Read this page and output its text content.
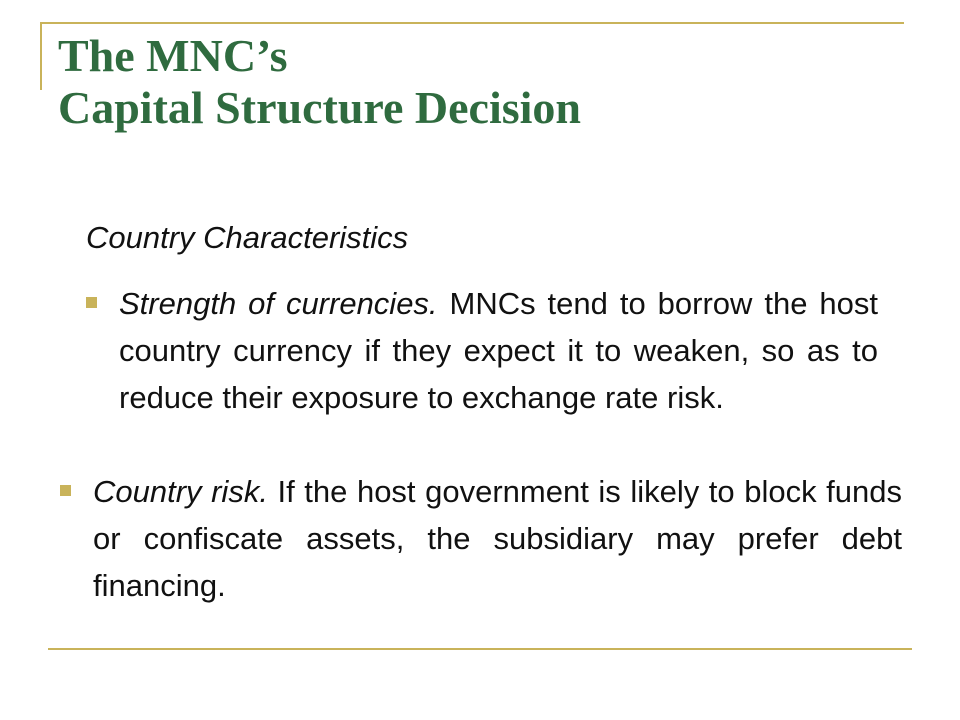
The MNC’s
Capital Structure Decision
Country Characteristics
Strength of currencies. MNCs tend to borrow the host country currency if they expect it to weaken, so as to reduce their exposure to exchange rate risk.
Country risk. If the host government is likely to block funds or confiscate assets, the subsidiary may prefer debt financing.
